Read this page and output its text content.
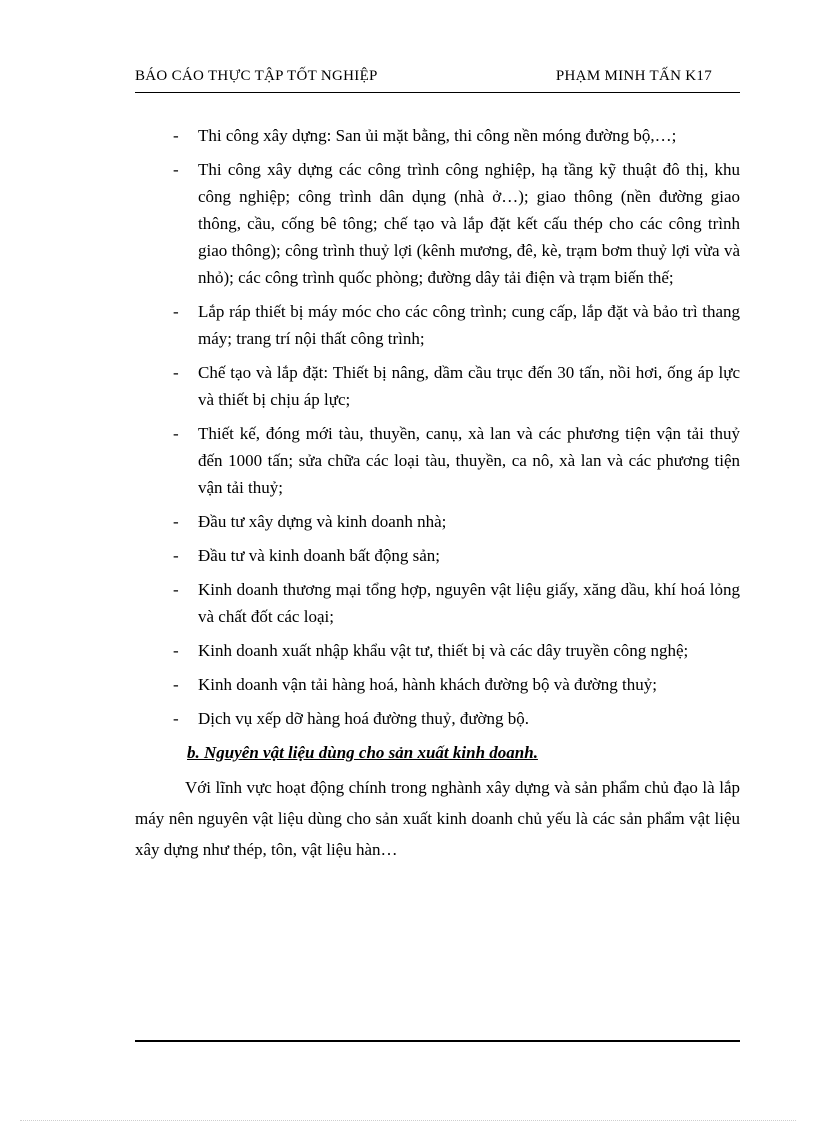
BÁO CÁO THỰC TẬP TỐT NGHIỆP	PHẠM MINH TẤN K17
- Thi công xây dựng: San ủi mặt bằng, thi công nền móng đường bộ,…;
- Thi công xây dựng các công trình công nghiệp, hạ tầng kỹ thuật đô thị, khu công nghiệp; công trình dân dụng (nhà ở…); giao thông (nền đường giao thông, cầu, cống bê tông; chế tạo và lắp đặt kết cấu thép cho các công trình giao thông); công trình thuỷ lợi (kênh mương, đê, kè, trạm bơm thuỷ lợi vừa và nhỏ); các công trình quốc phòng; đường dây tải điện và trạm biến thế;
- Lắp ráp thiết bị máy móc cho các công trình; cung cấp, lắp đặt và bảo trì thang máy; trang trí nội thất công trình;
- Chế tạo và lắp đặt: Thiết bị nâng, dầm cầu trục đến 30 tấn, nồi hơi, ống áp lực và thiết bị chịu áp lực;
- Thiết kế, đóng mới tàu, thuyền, canụ, xà lan và các phương tiện vận tải thuỷ đến 1000 tấn; sửa chữa các loại tàu, thuyền, ca nô, xà lan và các phương tiện vận tải thuỷ;
- Đầu tư xây dựng và kinh doanh nhà;
- Đầu tư và kinh doanh bất động sản;
- Kinh doanh thương mại tổng hợp, nguyên vật liệu giấy, xăng dầu, khí hoá lỏng và chất đốt các loại;
- Kinh doanh xuất nhập khẩu vật tư, thiết bị và các dây truyền công nghệ;
- Kinh doanh vận tải hàng hoá, hành khách đường bộ và đường thuỷ;
- Dịch vụ xếp dỡ hàng hoá đường thuỷ, đường bộ.
b. Nguyên vật liệu dùng cho sản xuất kinh doanh.

Với lĩnh vực hoạt động chính trong nghành xây dựng và sản phẩm chủ đạo là lắp máy nên nguyên vật liệu dùng cho sản xuất kinh doanh chủ yếu là các sản phẩm vật liệu xây dựng như thép, tôn, vật liệu hàn…
